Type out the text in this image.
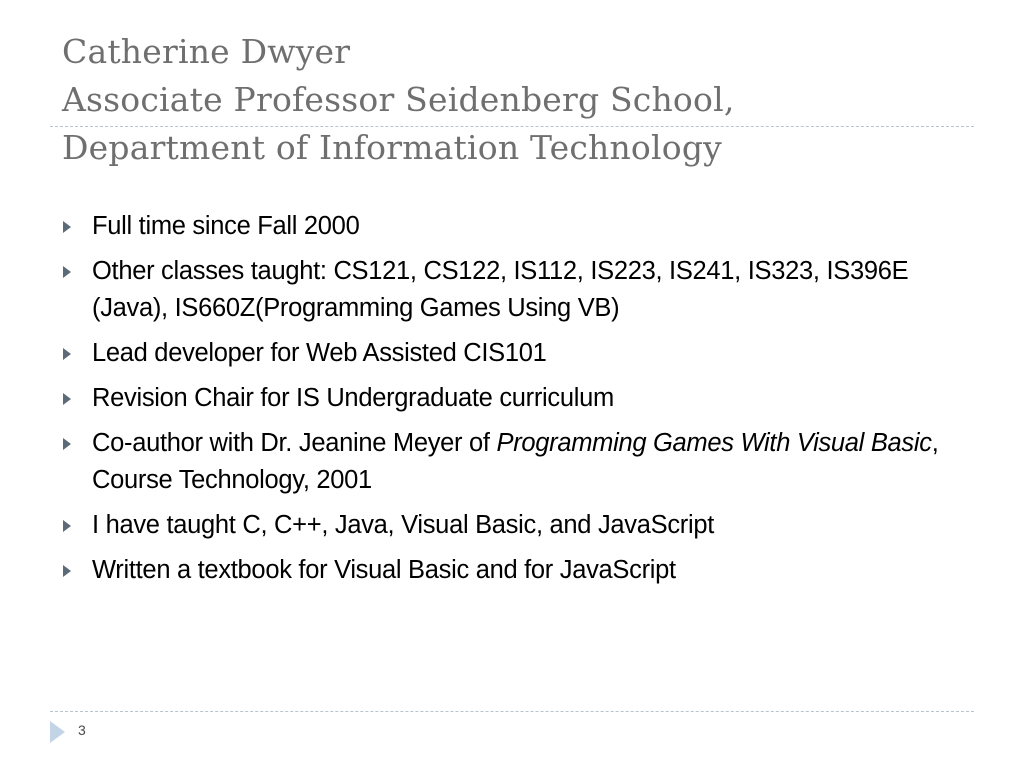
Catherine Dwyer
Associate Professor Seidenberg School,
Department of Information Technology
Full time since Fall 2000
Other classes taught: CS121, CS122, IS112, IS223, IS241, IS323, IS396E (Java), IS660Z(Programming Games Using VB)
Lead developer for Web Assisted CIS101
Revision Chair for IS Undergraduate curriculum
Co-author with Dr. Jeanine Meyer of Programming Games With Visual Basic, Course Technology, 2001
I have taught C, C++, Java, Visual Basic, and JavaScript
Written a textbook for Visual Basic and for JavaScript
3
